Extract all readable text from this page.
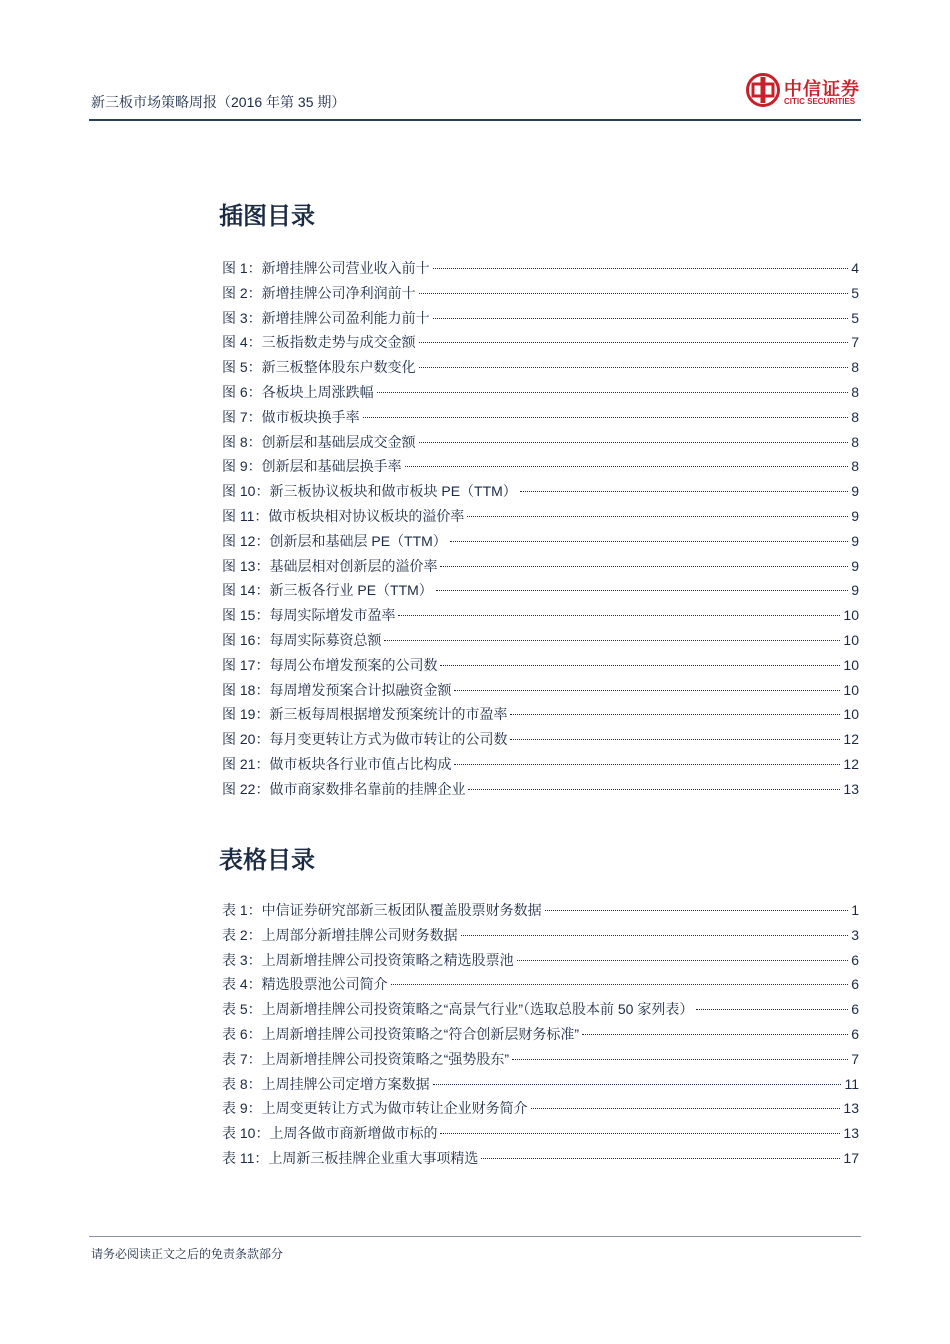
新三板市场策略周报（2016 年第 35 期）
中信证券
CITIC SECURITIES
插图目录
图 1：新增挂牌公司营业收入前十	4
图 2：新增挂牌公司净利润前十	5
图 3：新增挂牌公司盈利能力前十	5
图 4：三板指数走势与成交金额	7
图 5：新三板整体股东户数变化	8
图 6：各板块上周涨跌幅	8
图 7：做市板块换手率	8
图 8：创新层和基础层成交金额	8
图 9：创新层和基础层换手率	8
图 10：新三板协议板块和做市板块 PE（TTM）	9
图 11：做市板块相对协议板块的溢价率	9
图 12：创新层和基础层 PE（TTM）	9
图 13：基础层相对创新层的溢价率	9
图 14：新三板各行业 PE（TTM）	9
图 15：每周实际增发市盈率	10
图 16：每周实际募资总额	10
图 17：每周公布增发预案的公司数	10
图 18：每周增发预案合计拟融资金额	10
图 19：新三板每周根据增发预案统计的市盈率	10
图 20：每月变更转让方式为做市转让的公司数	12
图 21：做市板块各行业市值占比构成	12
图 22：做市商家数排名靠前的挂牌企业	13
表格目录
表 1：中信证券研究部新三板团队覆盖股票财务数据	1
表 2：上周部分新增挂牌公司财务数据	3
表 3：上周新增挂牌公司投资策略之精选股票池	6
表 4：精选股票池公司简介	6
表 5：上周新增挂牌公司投资策略之“高景气行业”（选取总股本前 50 家列表）	6
表 6：上周新增挂牌公司投资策略之“符合创新层财务标准”	6
表 7：上周新增挂牌公司投资策略之“强势股东”	7
表 8：上周挂牌公司定增方案数据	11
表 9：上周变更转让方式为做市转让企业财务简介	13
表 10：上周各做市商新增做市标的	13
表 11：上周新三板挂牌企业重大事项精选	17
请务必阅读正文之后的免责条款部分
